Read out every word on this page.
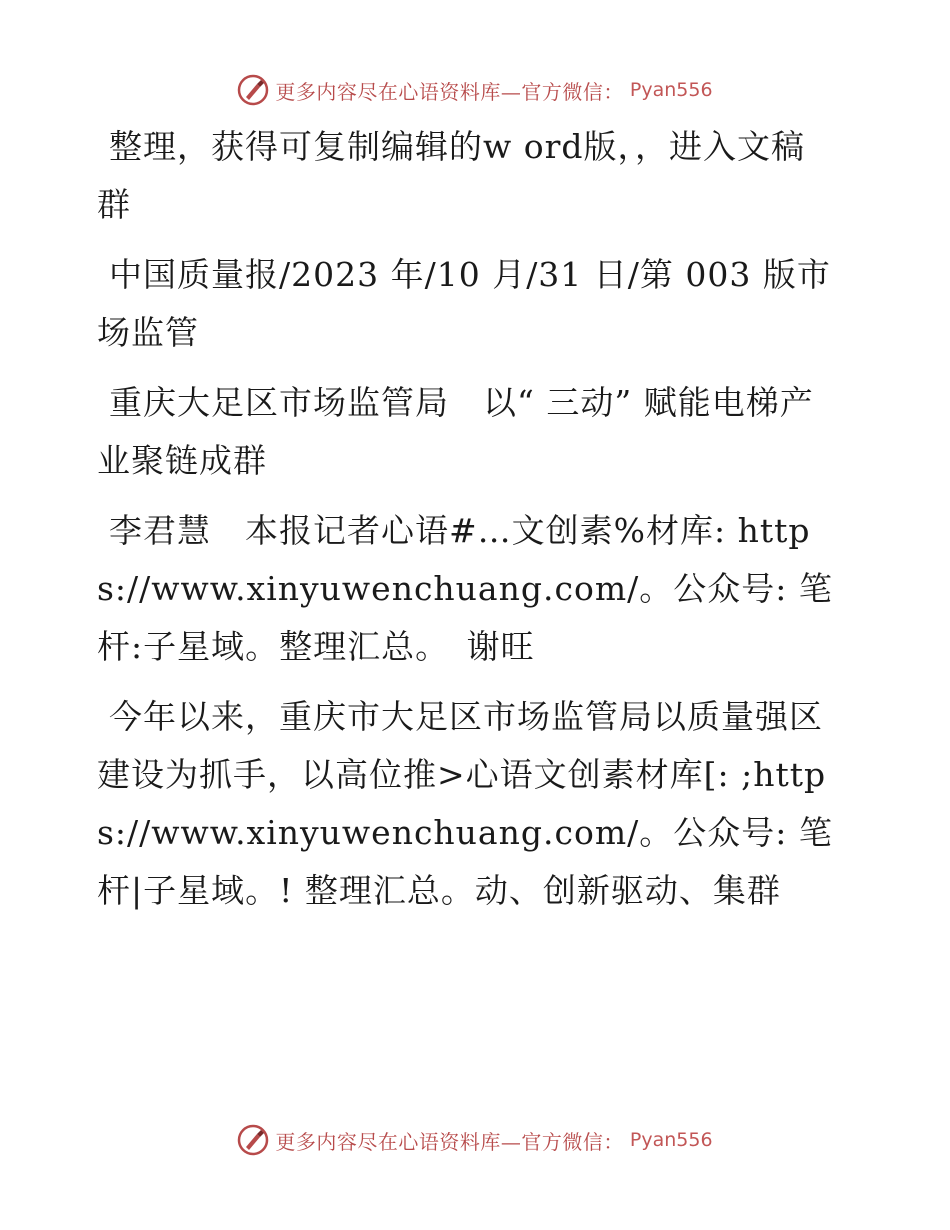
更多内容尽在心语资料库—官方微信： Pyan556

整理，获得可复制编辑的w ord版，，进入文稿群

中国质量报/2023 年/10 月/31 日/第 003 版市场监管

重庆大足区市场监管局　以“ 三动” 赋能电梯产业聚链成群

李君慧　本报记者心语#…文创素%材库: https://www.xinyuwenchuang.com/。公众号: 笔杆:子星域。整理汇总。　谢旺

今年以来，重庆市大足区市场监管局以质量强区建设为抓手，以高位推>心语文创素材库[: ;https://www.xinyuwenchuang.com/。公众号: 笔杆|子星域。! 整理汇总。动、创新驱动、集群

更多内容尽在心语资料库—官方微信： Pyan556
